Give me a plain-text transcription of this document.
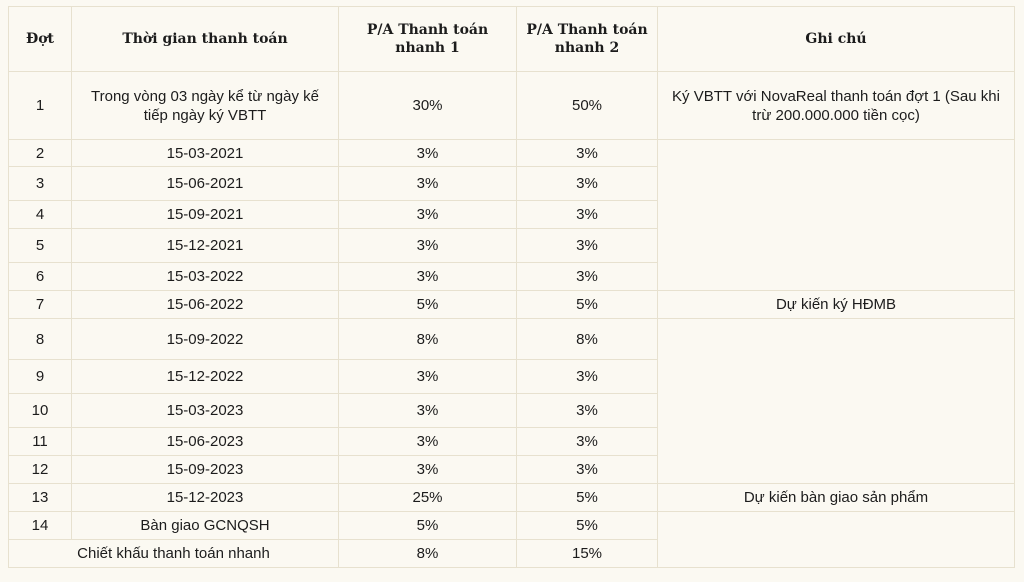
Đợt	Thời gian thanh toán	P/A Thanh toán nhanh 1	P/A Thanh toán nhanh 2	Ghi chú
1	Trong vòng 03 ngày kể từ ngày kế tiếp ngày ký VBTT	30%	50%	Ký VBTT với NovaReal thanh toán đợt 1 (Sau khi trừ 200.000.000 tiền cọc)
2	15-03-2021	3%	3%	
3	15-06-2021	3%	3%	
4	15-09-2021	3%	3%	
5	15-12-2021	3%	3%	
6	15-03-2022	3%	3%	
7	15-06-2022	5%	5%	Dự kiến ký HĐMB
8	15-09-2022	8%	8%	
9	15-12-2022	3%	3%	
10	15-03-2023	3%	3%	
11	15-06-2023	3%	3%	
12	15-09-2023	3%	3%	
13	15-12-2023	25%	5%	Dự kiến bàn giao sản phẩm
14	Bàn giao GCNQSH	5%	5%	
Chiết khấu thanh toán nhanh		8%	15%	
